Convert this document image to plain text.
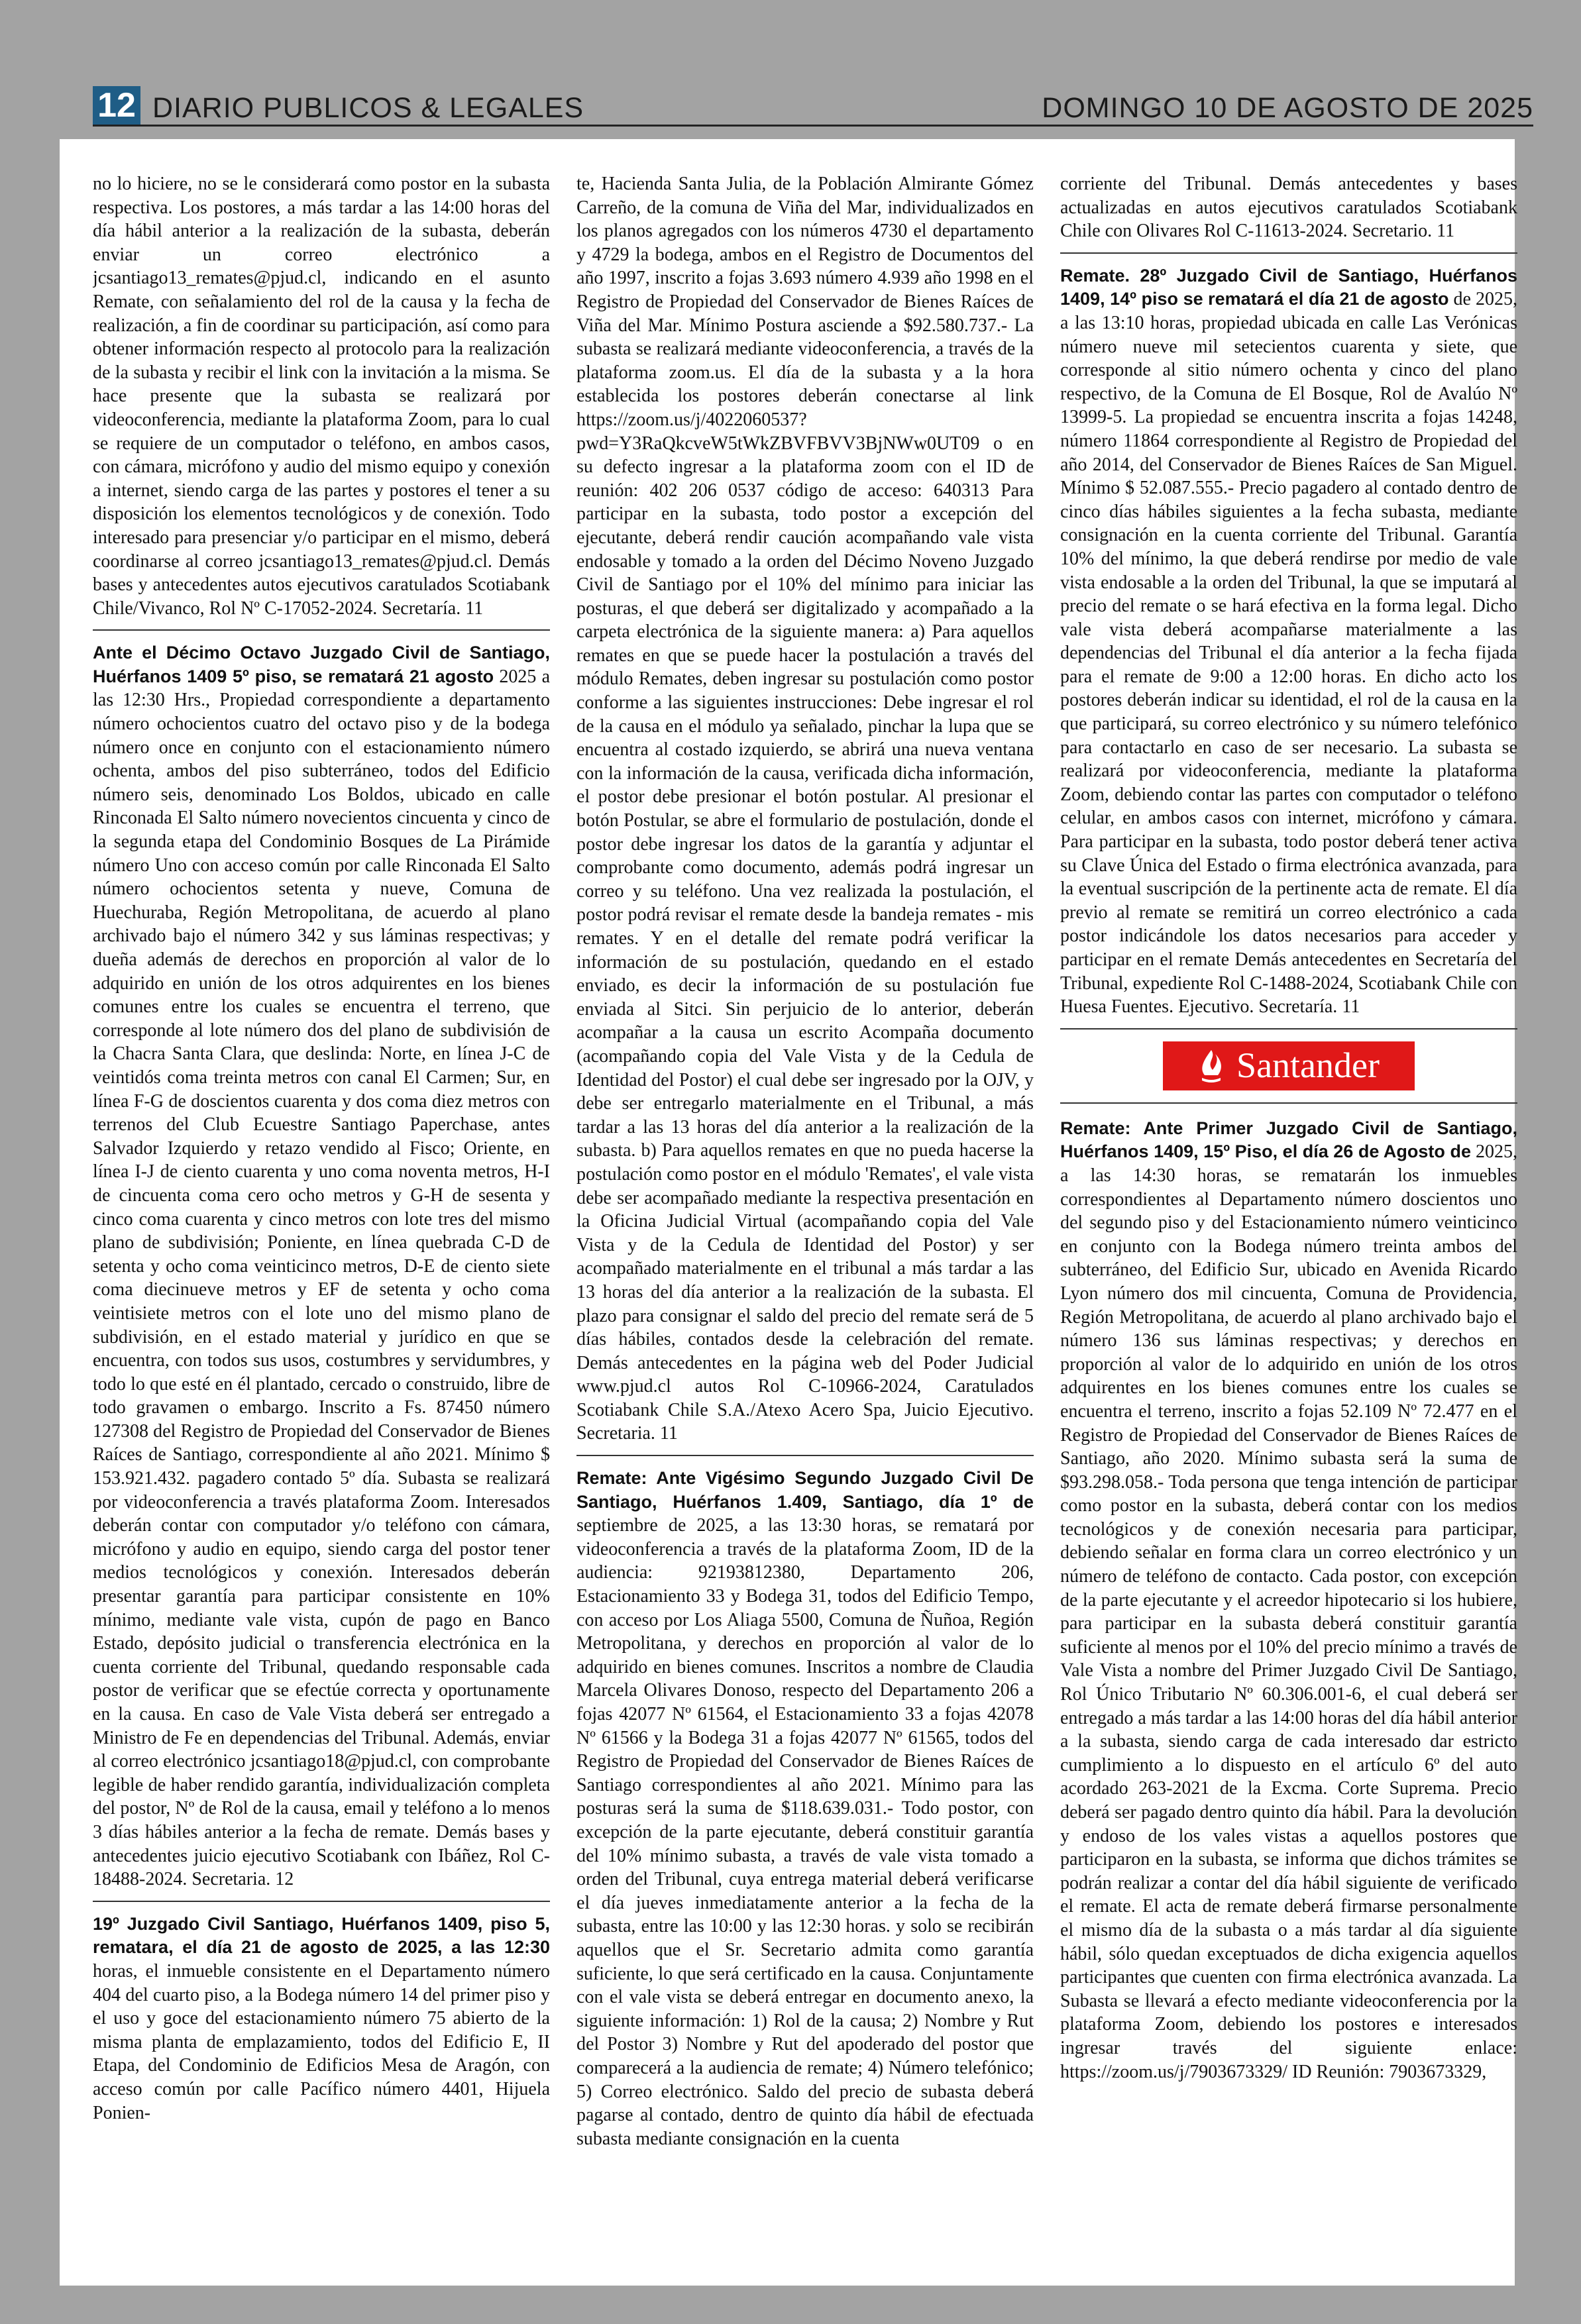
12 DIARIO PUBLICOS & LEGALES	DOMINGO 10 DE AGOSTO DE 2025

no lo hiciere, no se le considerará como postor en la subasta respectiva. Los postores, a más tardar a las 14:00 horas del día hábil anterior a la realización de la subasta, deberán enviar un correo electrónico a jcsantiago13_remates@pjud.cl, indicando en el asunto Remate, con señalamiento del rol de la causa y la fecha de realización, a fin de coordinar su participación, así como para obtener información respecto al protocolo para la realización de la subasta y recibir el link con la invitación a la misma. Se hace presente que la subasta se realizará por videoconferencia, mediante la plataforma Zoom, para lo cual se requiere de un computador o teléfono, en ambos casos, con cámara, micrófono y audio del mismo equipo y conexión a internet, siendo carga de las partes y postores el tener a su disposición los elementos tecnológicos y de conexión. Todo interesado para presenciar y/o participar en el mismo, deberá coordinarse al correo jcsantiago13_remates@pjud.cl. Demás bases y antecedentes autos ejecutivos caratulados Scotiabank Chile/Vivanco, Rol Nº C-17052-2024. Secretaría. 11

Ante el Décimo Octavo Juzgado Civil de Santiago, Huérfanos 1409 5º piso, se rematará 21 agosto 2025 a las 12:30 Hrs., Propiedad correspondiente a departamento número ochocientos cuatro del octavo piso y de la bodega número once en conjunto con el estacionamiento número ochenta, ambos del piso subterráneo, todos del Edificio número seis, denominado Los Boldos, ubicado en calle Rinconada El Salto número novecientos cincuenta y cinco de la segunda etapa del Condominio Bosques de La Pirámide número Uno con acceso común por calle Rinconada El Salto número ochocientos setenta y nueve, Comuna de Huechuraba, Región Metropolitana, de acuerdo al plano archivado bajo el número 342 y sus láminas respectivas; y dueña además de derechos en proporción al valor de lo adquirido en unión de los otros adquirentes en los bienes comunes entre los cuales se encuentra el terreno, que corresponde al lote número dos del plano de subdivisión de la Chacra Santa Clara, que deslinda: Norte, en línea J-C de veintidós coma treinta metros con canal El Carmen; Sur, en línea F-G de doscientos cuarenta y dos coma diez metros con terrenos del Club Ecuestre Santiago Paperchase, antes Salvador Izquierdo y retazo vendido al Fisco; Oriente, en línea I-J de ciento cuarenta y uno coma noventa metros, H-I de cincuenta coma cero ocho metros y G-H de sesenta y cinco coma cuarenta y cinco metros con lote tres del mismo plano de subdivisión; Poniente, en línea quebrada C-D de setenta y ocho coma veinticinco metros, D-E de ciento siete coma diecinueve metros y EF de setenta y ocho coma veintisiete metros con el lote uno del mismo plano de subdivisión, en el estado material y jurídico en que se encuentra, con todos sus usos, costumbres y servidumbres, y todo lo que esté en él plantado, cercado o construido, libre de todo gravamen o embargo. Inscrito a Fs. 87450 número 127308 del Registro de Propiedad del Conservador de Bienes Raíces de Santiago, correspondiente al año 2021. Mínimo $ 153.921.432. pagadero contado 5º día. Subasta se realizará por videoconferencia a través plataforma Zoom. Interesados deberán contar con computador y/o teléfono con cámara, micrófono y audio en equipo, siendo carga del postor tener medios tecnológicos y conexión. Interesados deberán presentar garantía para participar consistente en 10% mínimo, mediante vale vista, cupón de pago en Banco Estado, depósito judicial o transferencia electrónica en la cuenta corriente del Tribunal, quedando responsable cada postor de verificar que se efectúe correcta y oportunamente en la causa. En caso de Vale Vista deberá ser entregado a Ministro de Fe en dependencias del Tribunal. Además, enviar al correo electrónico jcsantiago18@pjud.cl, con comprobante legible de haber rendido garantía, individualización completa del postor, Nº de Rol de la causa, email y teléfono a lo menos 3 días hábiles anterior a la fecha de remate. Demás bases y antecedentes juicio ejecutivo Scotiabank con Ibáñez, Rol C-18488-2024. Secretaria. 12

19º Juzgado Civil Santiago, Huérfanos 1409, piso 5, rematara, el día 21 de agosto de 2025, a las 12:30 horas, el inmueble consistente en el Departamento número 404 del cuarto piso, a la Bodega número 14 del primer piso y el uso y goce del estacionamiento número 75 abierto de la misma planta de emplazamiento, todos del Edificio E, II Etapa, del Condominio de Edificios Mesa de Aragón, con acceso común por calle Pacífico número 4401, Hijuela Ponien-

te, Hacienda Santa Julia, de la Población Almirante Gómez Carreño, de la comuna de Viña del Mar, individualizados en los planos agregados con los números 4730 el departamento y 4729 la bodega, ambos en el Registro de Documentos del año 1997, inscrito a fojas 3.693 número 4.939 año 1998 en el Registro de Propiedad del Conservador de Bienes Raíces de Viña del Mar. Mínimo Postura asciende a $92.580.737.- La subasta se realizará mediante videoconferencia, a través de la plataforma zoom.us. El día de la subasta y a la hora establecida los postores deberán conectarse al link https://zoom.us/j/4022060537?pwd=Y3RaQkcveW5tWkZBVFBVV3BjNWw0UT09 o en su defecto ingresar a la plataforma zoom con el ID de reunión: 402 206 0537 código de acceso: 640313 Para participar en la subasta, todo postor a excepción del ejecutante, deberá rendir caución acompañando vale vista endosable y tomado a la orden del Décimo Noveno Juzgado Civil de Santiago por el 10% del mínimo para iniciar las posturas, el que deberá ser digitalizado y acompañado a la carpeta electrónica de la siguiente manera: a) Para aquellos remates en que se puede hacer la postulación a través del módulo Remates, deben ingresar su postulación como postor conforme a las siguientes instrucciones: Debe ingresar el rol de la causa en el módulo ya señalado, pinchar la lupa que se encuentra al costado izquierdo, se abrirá una nueva ventana con la información de la causa, verificada dicha información, el postor debe presionar el botón postular. Al presionar el botón Postular, se abre el formulario de postulación, donde el postor debe ingresar los datos de la garantía y adjuntar el comprobante como documento, además podrá ingresar un correo y su teléfono. Una vez realizada la postulación, el postor podrá revisar el remate desde la bandeja remates - mis remates. Y en el detalle del remate podrá verificar la información de su postulación, quedando en el estado enviado, es decir la información de su postulación fue enviada al Sitci. Sin perjuicio de lo anterior, deberán acompañar a la causa un escrito Acompaña documento (acompañando copia del Vale Vista y de la Cedula de Identidad del Postor) el cual debe ser ingresado por la OJV, y debe ser entregarlo materialmente en el Tribunal, a más tardar a las 13 horas del día anterior a la realización de la subasta. b) Para aquellos remates en que no pueda hacerse la postulación como postor en el módulo 'Remates', el vale vista debe ser acompañado mediante la respectiva presentación en la Oficina Judicial Virtual (acompañando copia del Vale Vista y de la Cedula de Identidad del Postor) y ser acompañado materialmente en el tribunal a más tardar a las 13 horas del día anterior a la realización de la subasta. El plazo para consignar el saldo del precio del remate será de 5 días hábiles, contados desde la celebración del remate. Demás antecedentes en la página web del Poder Judicial www.pjud.cl autos Rol C-10966-2024, Caratulados Scotiabank Chile S.A./Atexo Acero Spa, Juicio Ejecutivo. Secretaria. 11

Remate: Ante Vigésimo Segundo Juzgado Civil De Santiago, Huérfanos 1.409, Santiago, día 1º de septiembre de 2025, a las 13:30 horas, se rematará por videoconferencia a través de la plataforma Zoom, ID de la audiencia: 92193812380, Departamento 206, Estacionamiento 33 y Bodega 31, todos del Edificio Tempo, con acceso por Los Aliaga 5500, Comuna de Ñuñoa, Región Metropolitana, y derechos en proporción al valor de lo adquirido en bienes comunes. Inscritos a nombre de Claudia Marcela Olivares Donoso, respecto del Departamento 206 a fojas 42077 Nº 61564, el Estacionamiento 33 a fojas 42078 Nº 61566 y la Bodega 31 a fojas 42077 Nº 61565, todos del Registro de Propiedad del Conservador de Bienes Raíces de Santiago correspondientes al año 2021. Mínimo para las posturas será la suma de $118.639.031.- Todo postor, con excepción de la parte ejecutante, deberá constituir garantía del 10% mínimo subasta, a través de vale vista tomado a orden del Tribunal, cuya entrega material deberá verificarse el día jueves inmediatamente anterior a la fecha de la subasta, entre las 10:00 y las 12:30 horas. y solo se recibirán aquellos que el Sr. Secretario admita como garantía suficiente, lo que será certificado en la causa. Conjuntamente con el vale vista se deberá entregar en documento anexo, la siguiente información: 1) Rol de la causa; 2) Nombre y Rut del Postor 3) Nombre y Rut del apoderado del postor que comparecerá a la audiencia de remate; 4) Número telefónico; 5) Correo electrónico. Saldo del precio de subasta deberá pagarse al contado, dentro de quinto día hábil de efectuada subasta mediante consignación en la cuenta

corriente del Tribunal. Demás antecedentes y bases actualizadas en autos ejecutivos caratulados Scotiabank Chile con Olivares Rol C-11613-2024. Secretario. 11

Remate. 28º Juzgado Civil de Santiago, Huérfanos 1409, 14º piso se rematará el día 21 de agosto de 2025, a las 13:10 horas, propiedad ubicada en calle Las Verónicas número nueve mil setecientos cuarenta y siete, que corresponde al sitio número ochenta y cinco del plano respectivo, de la Comuna de El Bosque, Rol de Avalúo Nº 13999-5. La propiedad se encuentra inscrita a fojas 14248, número 11864 correspondiente al Registro de Propiedad del año 2014, del Conservador de Bienes Raíces de San Miguel. Mínimo $ 52.087.555.- Precio pagadero al contado dentro de cinco días hábiles siguientes a la fecha subasta, mediante consignación en la cuenta corriente del Tribunal. Garantía 10% del mínimo, la que deberá rendirse por medio de vale vista endosable a la orden del Tribunal, la que se imputará al precio del remate o se hará efectiva en la forma legal. Dicho vale vista deberá acompañarse materialmente a las dependencias del Tribunal el día anterior a la fecha fijada para el remate de 9:00 a 12:00 horas. En dicho acto los postores deberán indicar su identidad, el rol de la causa en la que participará, su correo electrónico y su número telefónico para contactarlo en caso de ser necesario. La subasta se realizará por videoconferencia, mediante la plataforma Zoom, debiendo contar las partes con computador o teléfono celular, en ambos casos con internet, micrófono y cámara. Para participar en la subasta, todo postor deberá tener activa su Clave Única del Estado o firma electrónica avanzada, para la eventual suscripción de la pertinente acta de remate. El día previo al remate se remitirá un correo electrónico a cada postor indicándole los datos necesarios para acceder y participar en el remate Demás antecedentes en Secretaría del Tribunal, expediente Rol C-1488-2024, Scotiabank Chile con Huesa Fuentes. Ejecutivo. Secretaría. 11

Santander

Remate: Ante Primer Juzgado Civil de Santiago, Huérfanos 1409, 15º Piso, el día 26 de Agosto de 2025, a las 14:30 horas, se rematarán los inmuebles correspondientes al Departamento número doscientos uno del segundo piso y del Estacionamiento número veinticinco en conjunto con la Bodega número treinta ambos del subterráneo, del Edificio Sur, ubicado en Avenida Ricardo Lyon número dos mil cincuenta, Comuna de Providencia, Región Metropolitana, de acuerdo al plano archivado bajo el número 136 sus láminas respectivas; y derechos en proporción al valor de lo adquirido en unión de los otros adquirentes en los bienes comunes entre los cuales se encuentra el terreno, inscrito a fojas 52.109 Nº 72.477 en el Registro de Propiedad del Conservador de Bienes Raíces de Santiago, año 2020. Mínimo subasta será la suma de $93.298.058.- Toda persona que tenga intención de participar como postor en la subasta, deberá contar con los medios tecnológicos y de conexión necesaria para participar, debiendo señalar en forma clara un correo electrónico y un número de teléfono de contacto. Cada postor, con excepción de la parte ejecutante y el acreedor hipotecario si los hubiere, para participar en la subasta deberá constituir garantía suficiente al menos por el 10% del precio mínimo a través de Vale Vista a nombre del Primer Juzgado Civil De Santiago, Rol Único Tributario Nº 60.306.001-6, el cual deberá ser entregado a más tardar a las 14:00 horas del día hábil anterior a la subasta, siendo carga de cada interesado dar estricto cumplimiento a lo dispuesto en el artículo 6º del auto acordado 263-2021 de la Excma. Corte Suprema. Precio deberá ser pagado dentro quinto día hábil. Para la devolución y endoso de los vales vistas a aquellos postores que participaron en la subasta, se informa que dichos trámites se podrán realizar a contar del día hábil siguiente de verificado el remate. El acta de remate deberá firmarse personalmente el mismo día de la subasta o a más tardar al día siguiente hábil, sólo quedan exceptuados de dicha exigencia aquellos participantes que cuenten con firma electrónica avanzada. La Subasta se llevará a efecto mediante videoconferencia por la plataforma Zoom, debiendo los postores e interesados ingresar través del siguiente enlace: https://zoom.us/j/7903673329/ ID Reunión: 7903673329,
